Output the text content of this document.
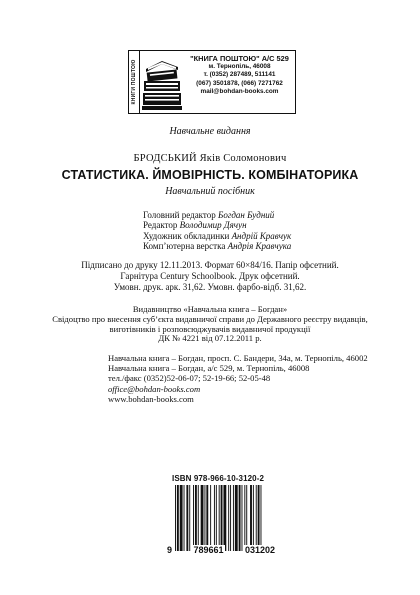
КНИГИ ПОШТОЮ
"КНИГА ПОШТОЮ" А/С 529
м. Тернопіль, 46008
т. (0352) 287489, 511141
(067) 3501878, (066) 7271762
mail@bohdan-books.com
Навчальне видання
БРОДСЬКИЙ Яків Соломонович
СТАТИСТИКА. ЙМОВІРНІСТЬ. КОМБІНАТОРИКА
Навчальний посібник
Головний редактор Богдан Будний
Редактор Володимир Дячун
Художник обкладинки Андрій Кравчук
Комп’ютерна верстка Андрія Кравчука
Підписано до друку 12.11.2013. Формат 60×84/16. Папір офсетний.
Гарнітура Century Schoolbook. Друк офсетний.
Умовн. друк. арк. 31,62. Умовн. фарбо-відб. 31,62.
Видавництво «Навчальна книга – Богдан»
Свідоцтво про внесення суб’єкта видавничої справи до Державного реєстру видавців,
виготівників і розповсюджувачів видавничої продукції
ДК № 4221 від 07.12.2011 р.
Навчальна книга – Богдан, просп. С. Бандери, 34а, м. Тернопіль, 46002
Навчальна книга – Богдан, а/с 529, м. Тернопіль, 46008
тел./факс (0352)52-06-07; 52-19-66; 52-05-48
office@bohdan-books.com
www.bohdan-books.com
ISBN 978-966-10-3120-2
9 789661 031202
